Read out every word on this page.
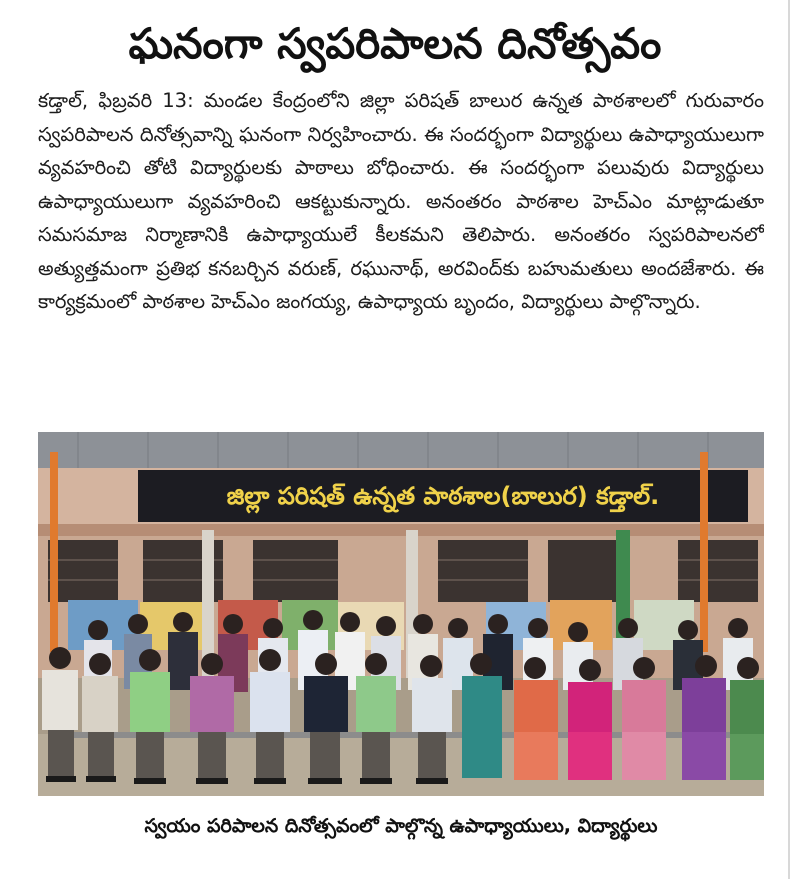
ఘనంగా స్వపరిపాలన దినోత్సవం
కడ్తాల్, ఫిబ్రవరి 13: మండల కేంద్రంలోని జిల్లా పరిషత్ బాలుర ఉన్నత పాఠశాలలో గురువారం స్వపరిపాలన దినోత్సవాన్ని ఘనంగా నిర్వహించారు. ఈ సందర్భంగా విద్యార్థులు ఉపాధ్యాయులుగా వ్యవహరించి తోటి విద్యార్థులకు పాఠాలు బోధించారు. ఈ సందర్భంగా పలువురు విద్యార్థులు ఉపాధ్యాయులుగా వ్యవహరించి ఆకట్టుకున్నారు. అనంతరం పాఠశాల హెచ్‌ఎం మాట్లాడుతూ సమసమాజ నిర్మాణానికి ఉపాధ్యాయులే కీలకమని తెలిపారు. అనంతరం స్వపరిపాలనలో అత్యుత్తమంగా ప్రతిభ కనబర్చిన వరుణ్, రఘునాథ్, అరవింద్‌కు బహుమతులు అందజేశారు. ఈ కార్యక్రమంలో పాఠశాల హెచ్‌ఎం జంగయ్య, ఉపాధ్యాయ బృందం, విద్యార్థులు పాల్గొన్నారు.
జిల్లా పరిషత్ ఉన్నత పాఠశాల(బాలుర) కడ్తాల్.
స్వయం పరిపాలన దినోత్సవంలో పాల్గొన్న ఉపాధ్యాయులు, విద్యార్థులు
